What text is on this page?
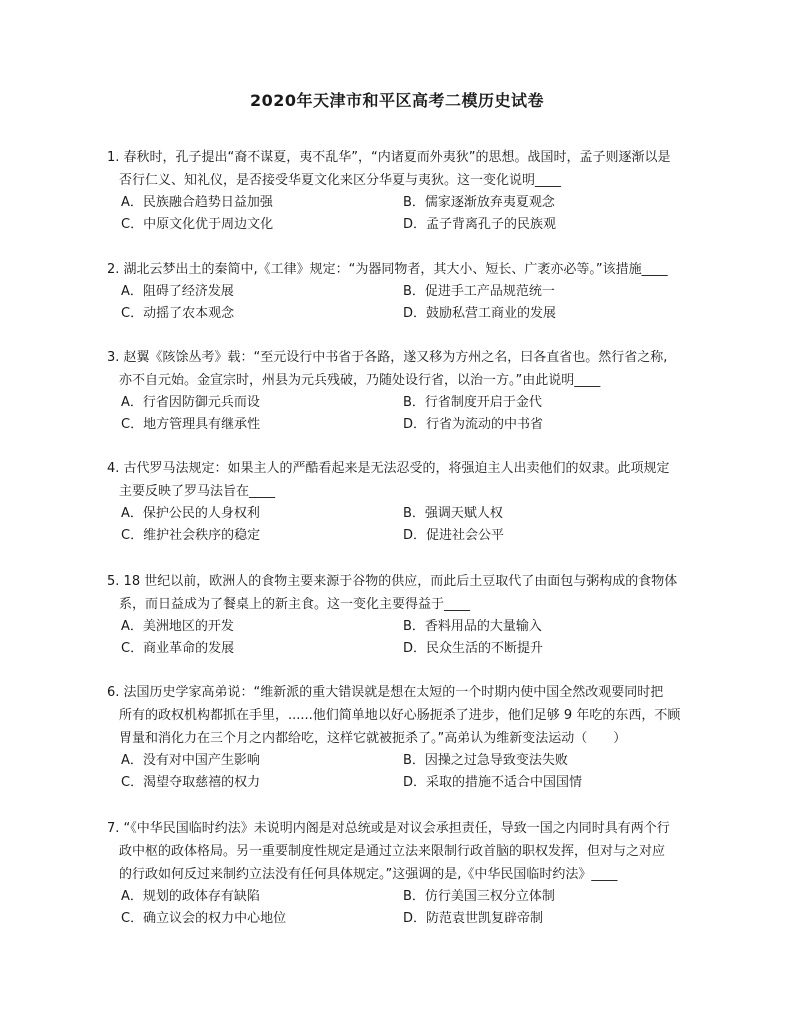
2020年天津市和平区高考二模历史试卷
1. 春秋时，孔子提出“裔不谋夏，夷不乱华”，“内诸夏而外夷狄”的思想。战国时，孟子则逐渐以是
否行仁义、知礼仪，是否接受华夏文化来区分华夏与夷狄。这一变化说明____
A．民族融合趋势日益加强	B．儒家逐渐放弃夷夏观念
C．中原文化优于周边文化	D．孟子背离孔子的民族观
2. 湖北云梦出土的秦简中,《工律》规定：“为器同物者，其大小、短长、广袤亦必等。”该措施____
A．阻碍了经济发展	B．促进手工产品规范统一
C．动摇了农本观念	D．鼓励私营工商业的发展
3. 赵翼《陔馀丛考》载：“至元设行中书省于各路，遂又移为方州之名，曰各直省也。然行省之称,
亦不自元始。金宣宗时，州县为元兵残破，乃随处设行省，以治一方。”由此说明____
A．行省因防御元兵而设	B．行省制度开启于金代
C．地方管理具有继承性	D．行省为流动的中书省
4. 古代罗马法规定：如果主人的严酷看起来是无法忍受的，将强迫主人出卖他们的奴隶。此项规定
主要反映了罗马法旨在____
A．保护公民的人身权利	B．强调天赋人权
C．维护社会秩序的稳定	D．促进社会公平
5. 18 世纪以前，欧洲人的食物主要来源于谷物的供应，而此后土豆取代了由面包与粥构成的食物体
系，而日益成为了餐桌上的新主食。这一变化主要得益于____
A．美洲地区的开发	B．香料用品的大量输入
C．商业革命的发展	D．民众生活的不断提升
6. 法国历史学家高弟说：“维新派的重大错误就是想在太短的一个时期内使中国全然改观要同时把
所有的政权机构都抓在手里，......他们简单地以好心肠扼杀了进步，他们足够 9 年吃的东西，不顾
胃量和消化力在三个月之内都给吃，这样它就被扼杀了。”高弟认为维新变法运动（　　）
A．没有对中国产生影响	B．因操之过急导致变法失败
C．渴望夺取慈禧的权力	D．采取的措施不适合中国国情
7. “《中华民国临时约法》未说明内阁是对总统或是对议会承担责任，导致一国之内同时具有两个行
政中枢的政体格局。另一重要制度性规定是通过立法来限制行政首脑的职权发挥，但对与之对应
的行政如何反过来制约立法没有任何具体规定。”这强调的是,《中华民国临时约法》____
A．规划的政体存有缺陷	B．仿行美国三权分立体制
C．确立议会的权力中心地位	D．防范袁世凯复辟帝制
